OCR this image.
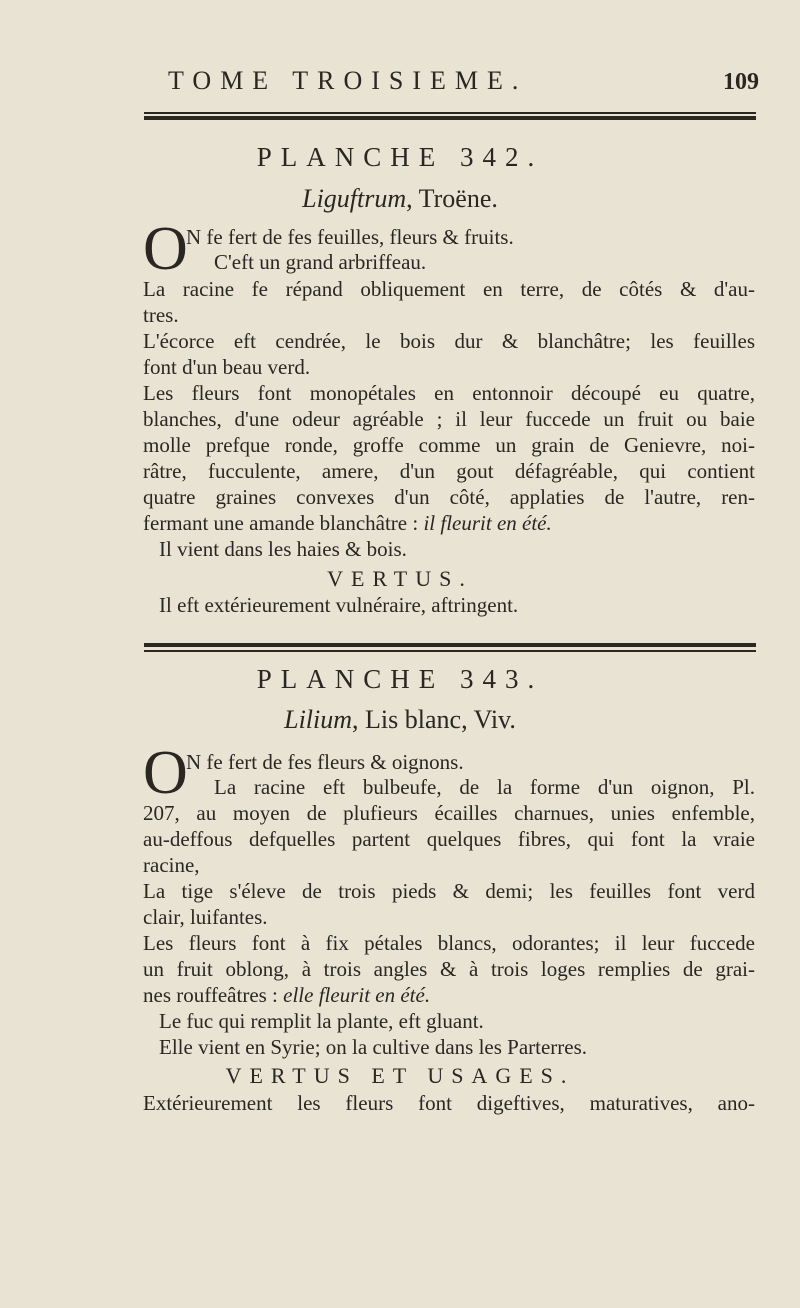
TOME TROISIEME.	109
PLANCHE 342.
Liguftrum, Troëne.
O
N fe fert de fes feuilles, fleurs & fruits.
C'eft un grand arbriffeau.
La racine fe répand obliquement en terre, de côtés & d'au-
tres.
L'écorce eft cendrée, le bois dur & blanchâtre; les feuilles
font d'un beau verd.
Les fleurs font monopétales en entonnoir découpé eu quatre,
blanches, d'une odeur agréable ; il leur fuccede un fruit ou baie
molle prefque ronde, groffe comme un grain de Genievre, noi-
râtre, fucculente, amere, d'un gout défagréable, qui contient
quatre graines convexes d'un côté, applaties de l'autre, ren-
fermant une amande blanchâtre : il fleurit en été.
Il vient dans les haies & bois.
VERTUS.
Il eft extérieurement vulnéraire, aftringent.
PLANCHE 343.
Lilium, Lis blanc, Viv.
O
N fe fert de fes fleurs & oignons.
La racine eft bulbeufe, de la forme d'un oignon, Pl.
207, au moyen de plufieurs écailles charnues, unies enfemble,
au-deffous defquelles partent quelques fibres, qui font la vraie
racine,
La tige s'éleve de trois pieds & demi; les feuilles font verd
clair, luifantes.
Les fleurs font à fix pétales blancs, odorantes; il leur fuccede
un fruit oblong, à trois angles & à trois loges remplies de grai-
nes rouffeâtres : elle fleurit en été.
Le fuc qui remplit la plante, eft gluant.
Elle vient en Syrie; on la cultive dans les Parterres.
VERTUS ET USAGES.
Extérieurement les fleurs font digeftives, maturatives, ano-
